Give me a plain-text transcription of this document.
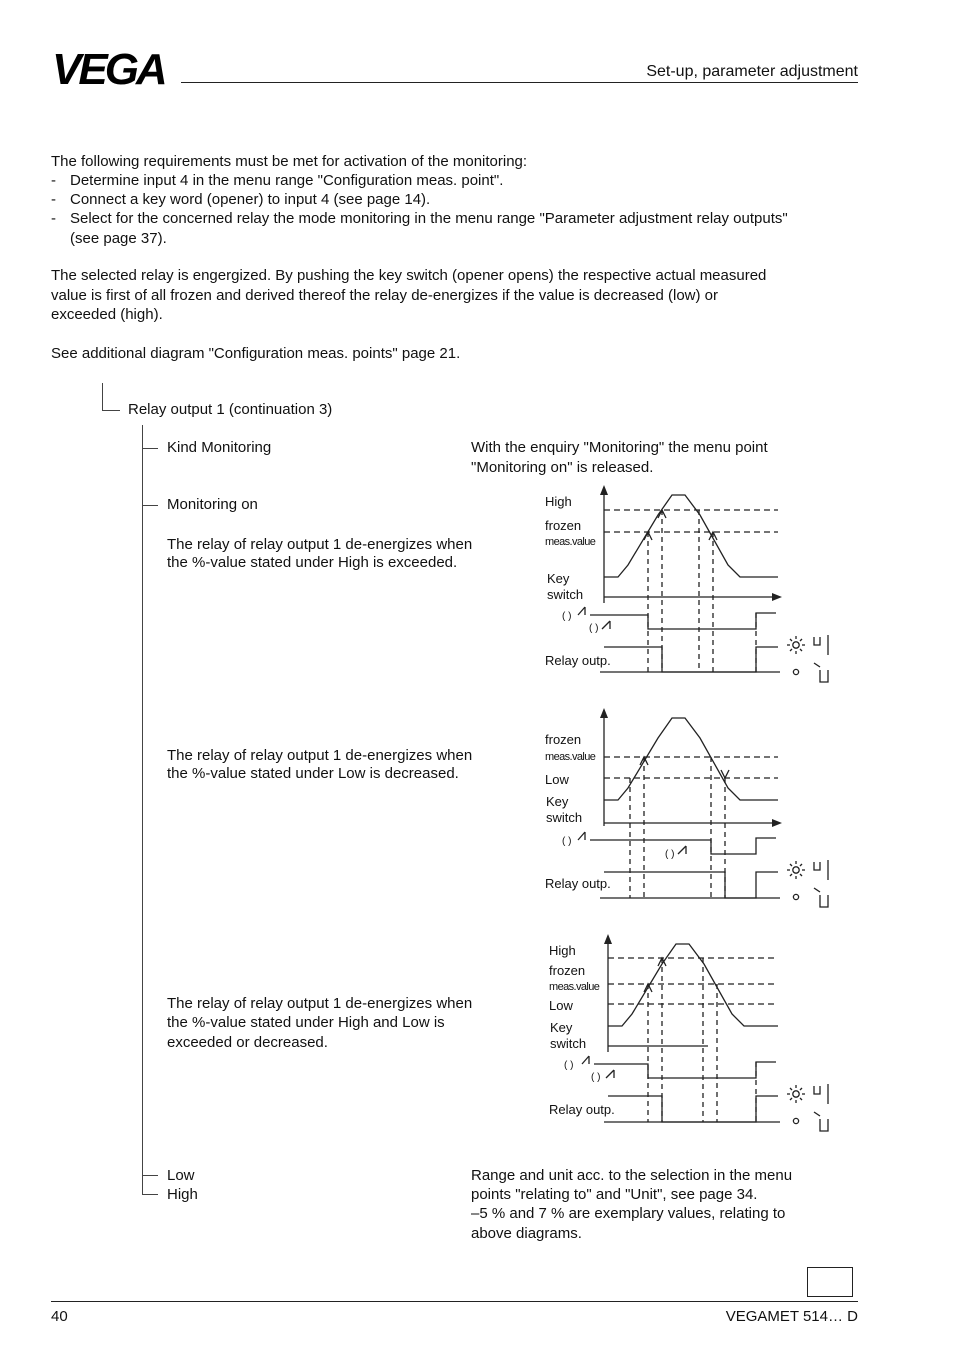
VEGA	Set-up, parameter adjustment
The following requirements must be met for activation of the monitoring:
- Determine input 4 in the menu range "Configuration meas. point".
- Connect a key word (opener) to input 4 (see page 14).
- Select for the concerned relay the mode monitoring in the menu range "Parameter adjustment relay outputs"
(see page 37).
The selected relay is engergized. By pushing the key switch (opener opens) the respective actual measured
value is first of all frozen and derived thereof the relay de-energizes if the value is decreased (low) or
exceeded (high).
See additional diagram "Configuration meas. points" page 21.
Relay output 1 (continuation 3)
Kind Monitoring	With the enquiry "Monitoring" the menu point
"Monitoring on" is released.
Monitoring on
The relay of relay output 1 de-energizes when
the %-value stated under High is exceeded.
The relay of relay output 1 de-energizes when
the %-value stated under Low is decreased.
The relay of relay output 1 de-energizes when
the %-value stated under High and Low is
exceeded or decreased.
Low
High
Range and unit acc. to the selection in the menu
points "relating to" and "Unit", see page 34.
–5 % and 7 % are exemplary values, relating to
above diagrams.
High
frozen
meas.value
Key
switch
( )
( )
Relay outp.
frozen
meas.value
Low
Key
switch
( )
( )
Relay outp.
High
frozen
meas.value
Low
Key
switch
( )
( )
Relay outp.
40	VEGAMET 514… D
